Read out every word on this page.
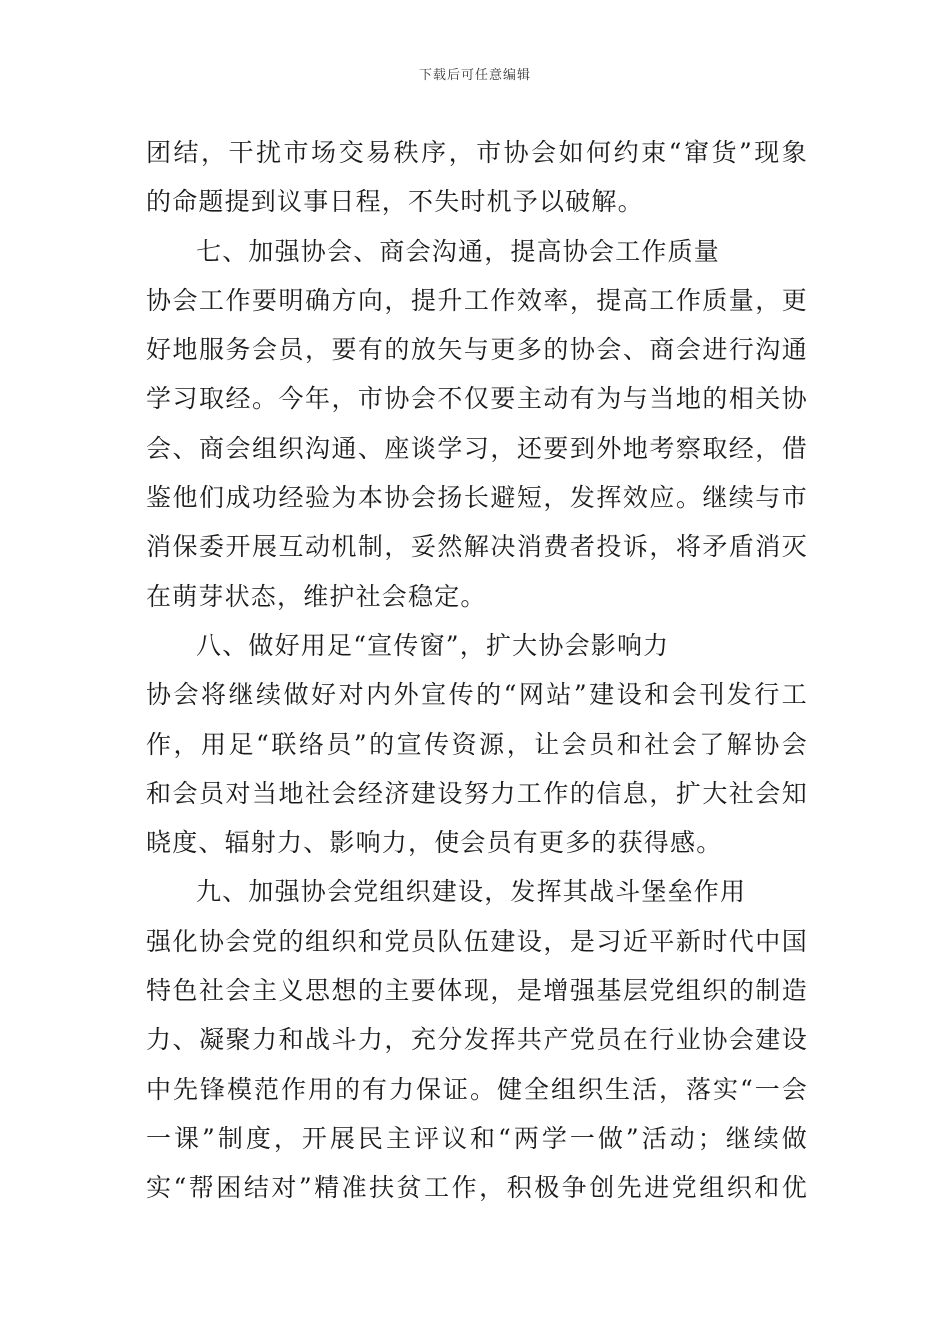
下载后可任意编辑
团结，干扰市场交易秩序，市协会如何约束“窜货”现象
的命题提到议事日程，不失时机予以破解。
七、加强协会、商会沟通，提高协会工作质量
协会工作要明确方向，提升工作效率，提高工作质量，更
好地服务会员，要有的放矢与更多的协会、商会进行沟通
学习取经。今年，市协会不仅要主动有为与当地的相关协
会、商会组织沟通、座谈学习，还要到外地考察取经，借
鉴他们成功经验为本协会扬长避短，发挥效应。继续与市
消保委开展互动机制，妥然解决消费者投诉，将矛盾消灭
在萌芽状态，维护社会稳定。
八、做好用足“宣传窗”，扩大协会影响力
协会将继续做好对内外宣传的“网站”建设和会刊发行工
作，用足“联络员”的宣传资源，让会员和社会了解协会
和会员对当地社会经济建设努力工作的信息，扩大社会知
晓度、辐射力、影响力，使会员有更多的获得感。
九、加强协会党组织建设，发挥其战斗堡垒作用
强化协会党的组织和党员队伍建设，是习近平新时代中国
特色社会主义思想的主要体现，是增强基层党组织的制造
力、凝聚力和战斗力，充分发挥共产党员在行业协会建设
中先锋模范作用的有力保证。健全组织生活，落实“一会
一课”制度，开展民主评议和“两学一做”活动；继续做
实“帮困结对”精准扶贫工作，积极争创先进党组织和优
